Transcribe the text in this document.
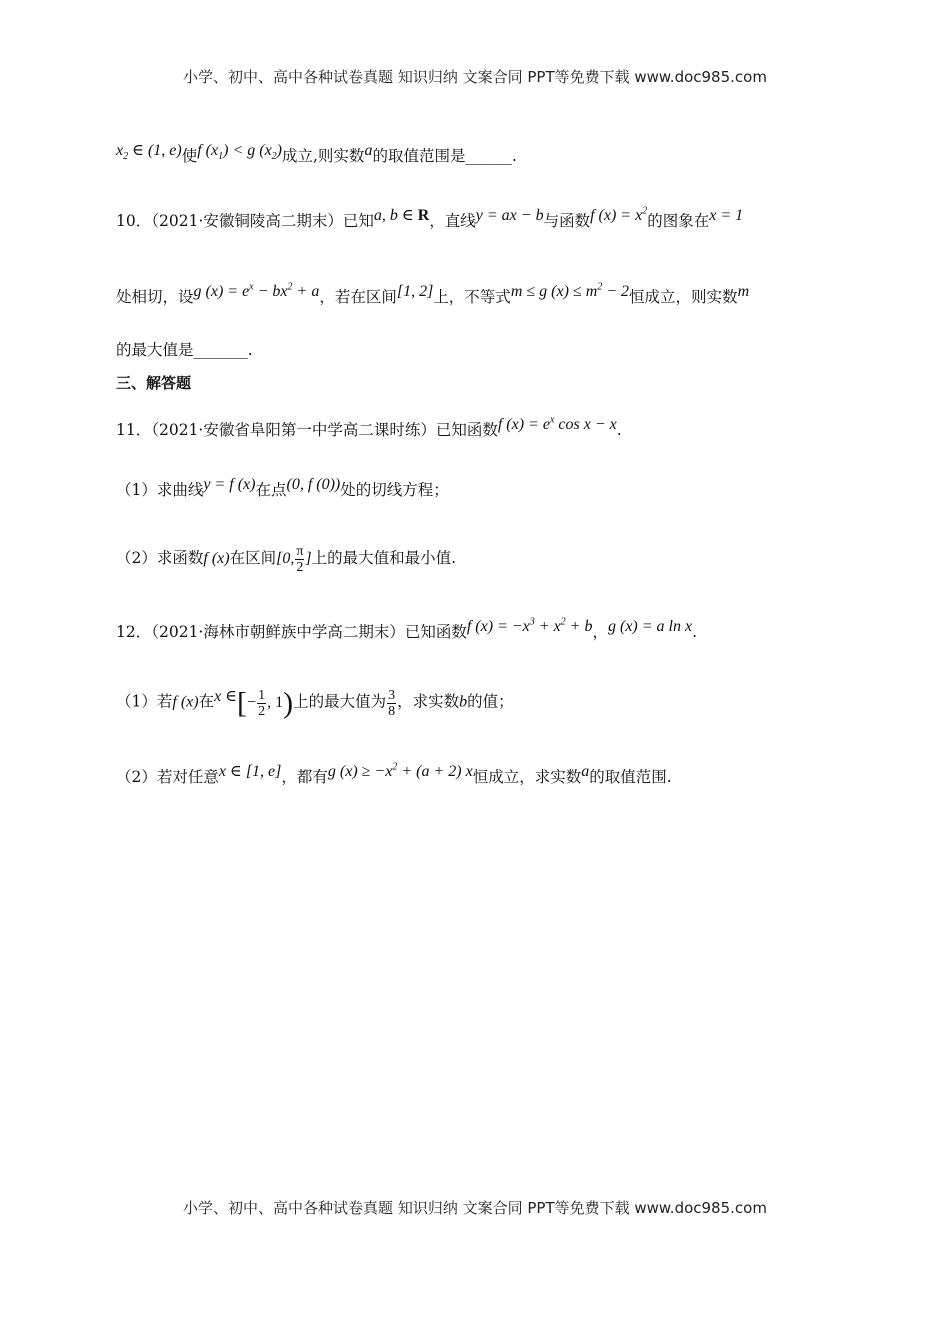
小学、初中、高中各种试卷真题 知识归纳 文案合同 PPT等免费下载 www.doc985.com
$x_2$ ∈ (1, e)使f $(x_1) < g$ $(x_2)$成立,则实数a的取值范围是______.
10．（2021·安徽铜陵高二期末）已知a, b ∈ R，直线y = ax − b与函数f $(x) = x^2$的图象在x = 1
处相切，设g $(x) = e^x - bx^2 + a$，若在区间[1, 2]上，不等式m ≤ g $(x) \le m^2 - 2$恒成立，则实数m
的最大值是_______.
三、解答题
11．（2021·安徽省阜阳第一中学高二课时练）已知函数f $(x) = e^x$ cos x − x.
（1）求曲线y = f (x)在点(0, f (0))处的切线方程；
（2）求函数f (x)在区间[0, $\frac{\pi}{2}$ ]上的最大值和最小值.
12．（2021·海林市朝鲜族中学高二期末）已知函数f $(x) = -x^3 + x^2 + b$，g (x) = a ln x.
（1）若f (x)在x ∈[− $\frac{1}{2}$ , 1)上的最大值为 $\frac{3}{8}$ ，求实数b的值；
（2）若对任意x ∈ [1, e]，都有g $(x) \ge -x^2 + (a + 2)$ x恒成立，求实数a的取值范围.
小学、初中、高中各种试卷真题 知识归纳 文案合同 PPT等免费下载 www.doc985.com
